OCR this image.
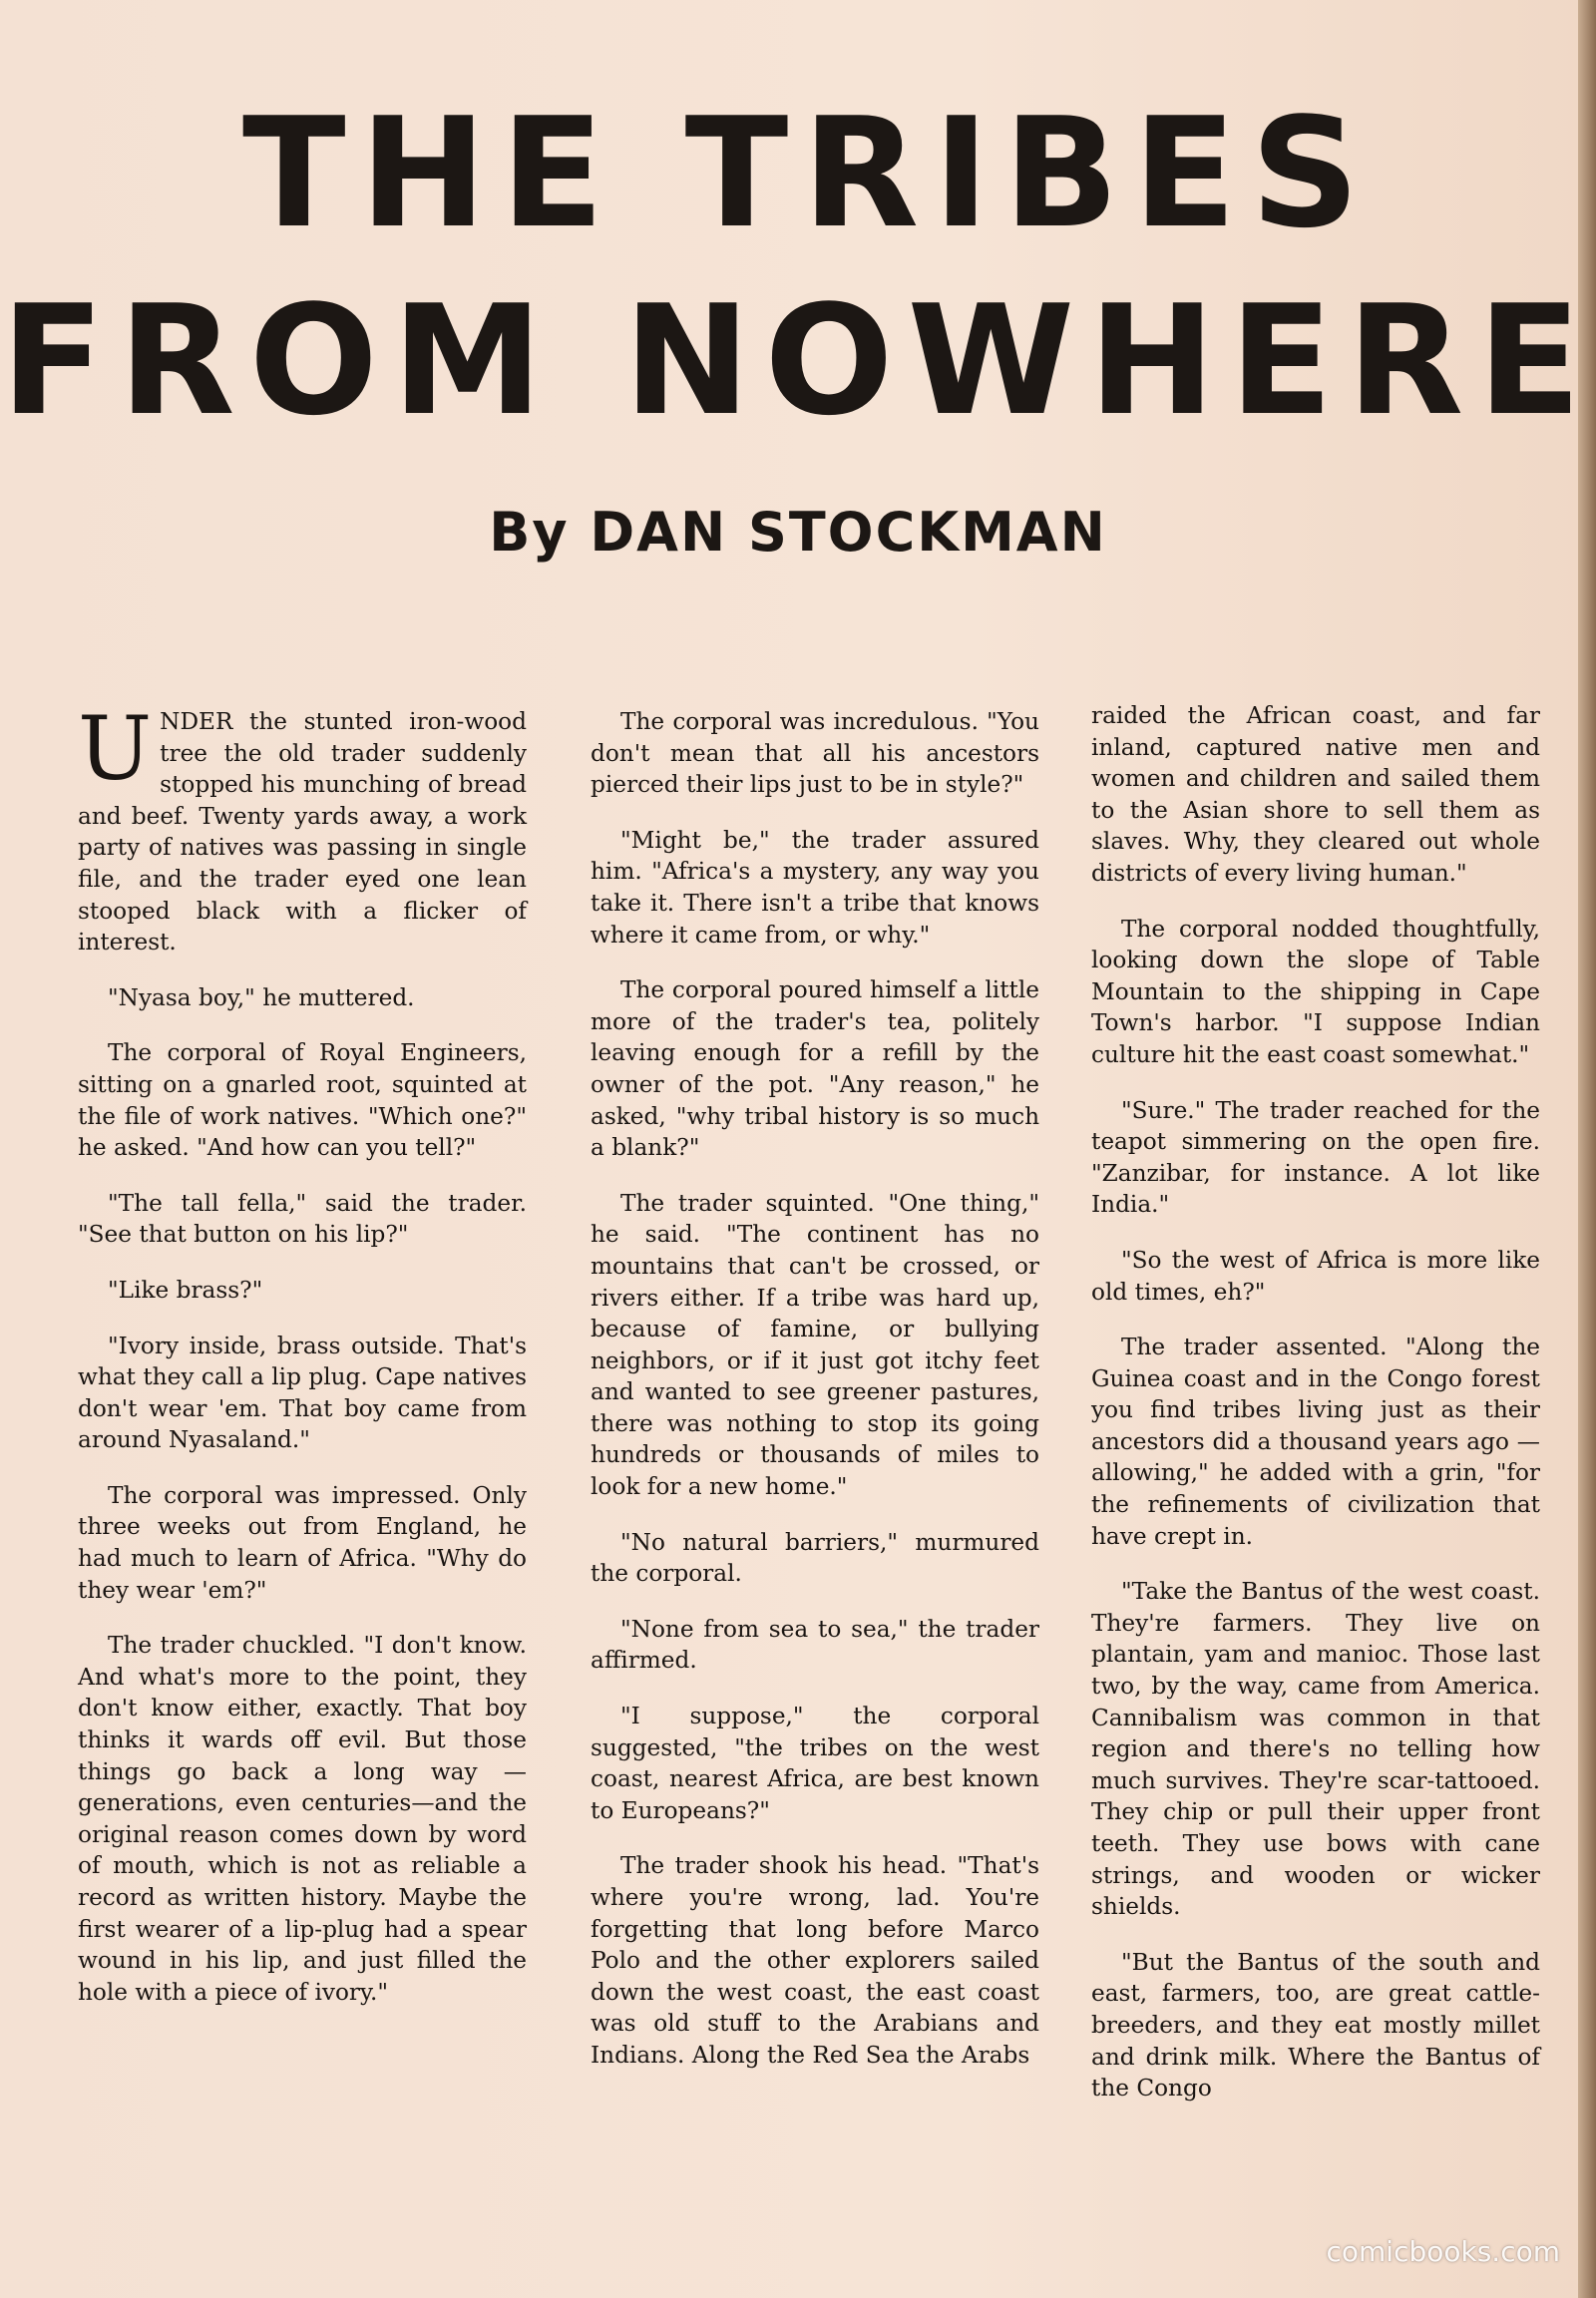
THE TRIBES
FROM NOWHERE
By DAN STOCKMAN

UNDER the stunted iron-wood tree the old trader suddenly stopped his munching of bread and beef. Twenty yards away, a work party of natives was passing in single file, and the trader eyed one lean stooped black with a flicker of interest.

"Nyasa boy," he muttered.

The corporal of Royal Engineers, sitting on a gnarled root, squinted at the file of work natives. "Which one?" he asked. "And how can you tell?"

"The tall fella," said the trader. "See that button on his lip?"

"Like brass?"

"Ivory inside, brass outside. That's what they call a lip plug. Cape natives don't wear 'em. That boy came from around Nyasaland."

The corporal was impressed. Only three weeks out from England, he had much to learn of Africa. "Why do they wear 'em?"

The trader chuckled. "I don't know. And what's more to the point, they don't know either, exactly. That boy thinks it wards off evil. But those things go back a long way — generations, even centuries—and the original reason comes down by word of mouth, which is not as reliable a record as written history. Maybe the first wearer of a lip-plug had a spear wound in his lip, and just filled the hole with a piece of ivory."

The corporal was incredulous. "You don't mean that all his ancestors pierced their lips just to be in style?"

"Might be," the trader assured him. "Africa's a mystery, any way you take it. There isn't a tribe that knows where it came from, or why."

The corporal poured himself a little more of the trader's tea, politely leaving enough for a refill by the owner of the pot. "Any reason," he asked, "why tribal history is so much a blank?"

The trader squinted. "One thing," he said. "The continent has no mountains that can't be crossed, or rivers either. If a tribe was hard up, because of famine, or bullying neighbors, or if it just got itchy feet and wanted to see greener pastures, there was nothing to stop its going hundreds or thousands of miles to look for a new home."

"No natural barriers," murmured the corporal.

"None from sea to sea," the trader affirmed.

"I suppose," the corporal suggested, "the tribes on the west coast, nearest Africa, are best known to Europeans?"

The trader shook his head. "That's where you're wrong, lad. You're forgetting that long before Marco Polo and the other explorers sailed down the west coast, the east coast was old stuff to the Arabians and Indians. Along the Red Sea the Arabs

raided the African coast, and far inland, captured native men and women and children and sailed them to the Asian shore to sell them as slaves. Why, they cleared out whole districts of every living human."

The corporal nodded thoughtfully, looking down the slope of Table Mountain to the shipping in Cape Town's harbor. "I suppose Indian culture hit the east coast somewhat."

"Sure." The trader reached for the teapot simmering on the open fire. "Zanzibar, for instance. A lot like India."

"So the west of Africa is more like old times, eh?"

The trader assented. "Along the Guinea coast and in the Congo forest you find tribes living just as their ancestors did a thousand years ago — allowing," he added with a grin, "for the refinements of civilization that have crept in.

"Take the Bantus of the west coast. They're farmers. They live on plantain, yam and manioc. Those last two, by the way, came from America. Cannibalism was common in that region and there's no telling how much survives. They're scar-tattooed. They chip or pull their upper front teeth. They use bows with cane strings, and wooden or wicker shields.

"But the Bantus of the south and east, farmers, too, are great cattle-breeders, and they eat mostly millet and drink milk. Where the Bantus of the Congo

comicbooks.com
